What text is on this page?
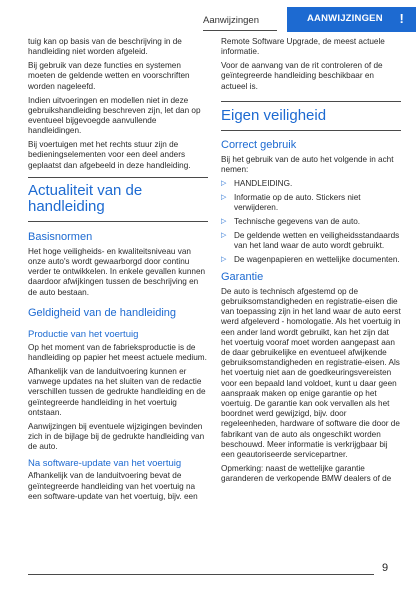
Aanwijzingen	AANWIJZINGEN !

tuig kan op basis van de beschrijving in de handleiding niet worden afgeleid.

Bij gebruik van deze functies en systemen moeten de geldende wetten en voorschriften worden nageleefd.

Indien uitvoeringen en modellen niet in deze gebruikshandleiding beschreven zijn, let dan op eventueel bijgevoegde aanvullende handleidingen.

Bij voertuigen met het rechts stuur zijn de bedieningselementen voor een deel anders geplaatst dan afgebeeld in deze handleiding.

Actualiteit van de handleiding
Basisnormen

Het hoge veiligheids- en kwaliteitsniveau van onze auto's wordt gewaarborgd door continu verder te ontwikkelen. In enkele gevallen kunnen daardoor afwijkingen tussen de beschrijving en de auto bestaan.

Geldigheid van de handleiding
Productie van het voertuig

Op het moment van de fabrieksproductie is de handleiding op papier het meest actuele medium.

Afhankelijk van de landuitvoering kunnen er vanwege updates na het sluiten van de redactie verschillen tussen de gedrukte handleiding en de geïntegreerde handleiding in het voertuig ontstaan.

Aanwijzingen bij eventuele wijzigingen bevinden zich in de bijlage bij de gedrukte handleiding van de auto.

Na software-update van het voertuig

Afhankelijk van de landuitvoering bevat de geïntegreerde handleiding van het voertuig na een software-update van het voertuig, bijv. een

Remote Software Upgrade, de meest actuele informatie.

Voor de aanvang van de rit controleren of de geïntegreerde handleiding beschikbaar en actueel is.

Eigen veiligheid
Correct gebruik

Bij het gebruik van de auto het volgende in acht nemen:

▷ HANDLEIDING.
▷ Informatie op de auto. Stickers niet verwijderen.
▷ Technische gegevens van de auto.
▷ De geldende wetten en veiligheidsstandaards van het land waar de auto wordt gebruikt.
▷ De wagenpapieren en wettelijke documenten.
Garantie

De auto is technisch afgestemd op de gebruiksomstandigheden en registratie-eisen die van toepassing zijn in het land waar de auto eerst werd afgeleverd - homologatie. Als het voertuig in een ander land wordt gebruikt, kan het zijn dat het voertuig vooraf moet worden aangepast aan de daar gebruikelijke en eventueel afwijkende gebruiksomstandigheden en registratie-eisen. Als het voertuig niet aan de goedkeuringsvereisten voor een bepaald land voldoet, kunt u daar geen aanspraak maken op enige garantie op het voertuig. De garantie kan ook vervallen als het boordnet werd gewijzigd, bijv. door regeleenheden, hardware of software die door de fabrikant van de auto als ongeschikt worden beschouwd. Meer informatie is verkrijgbaar bij een geautoriseerde servicepartner.

Opmerking: naast de wettelijke garantie garanderen de verkopende BMW dealers of de

9
